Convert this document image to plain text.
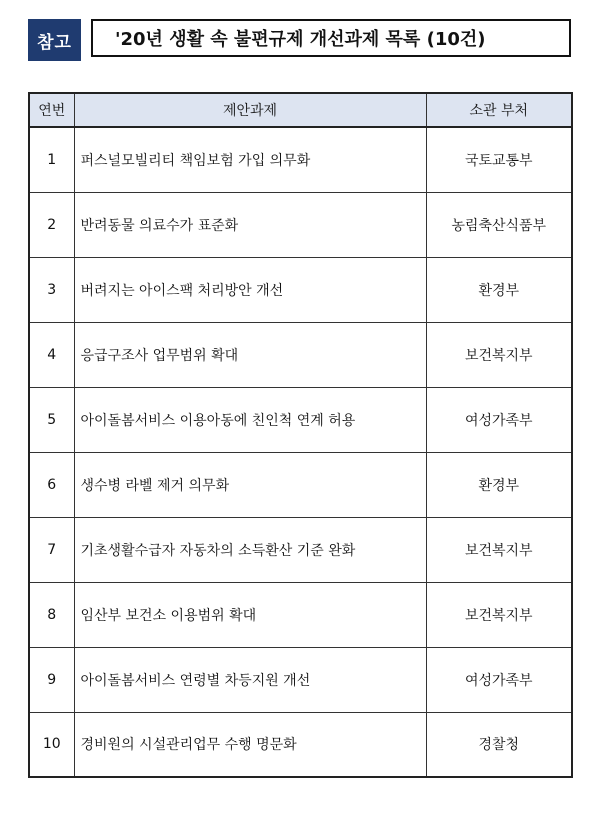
참고	'20년 생활 속 불편규제 개선과제 목록 (10건)
연번	제안과제	소관 부처
1	퍼스널모빌리티 책임보험 가입 의무화	국토교통부
2	반려동물 의료수가 표준화	농림축산식품부
3	버려지는 아이스팩 처리방안 개선	환경부
4	응급구조사 업무범위 확대	보건복지부
5	아이돌봄서비스 이용아동에 친인척 연계 허용	여성가족부
6	생수병 라벨 제거 의무화	환경부
7	기초생활수급자 자동차의 소득환산 기준 완화	보건복지부
8	임산부 보건소 이용범위 확대	보건복지부
9	아이돌봄서비스 연령별 차등지원 개선	여성가족부
10	경비원의 시설관리업무 수행 명문화	경찰청
